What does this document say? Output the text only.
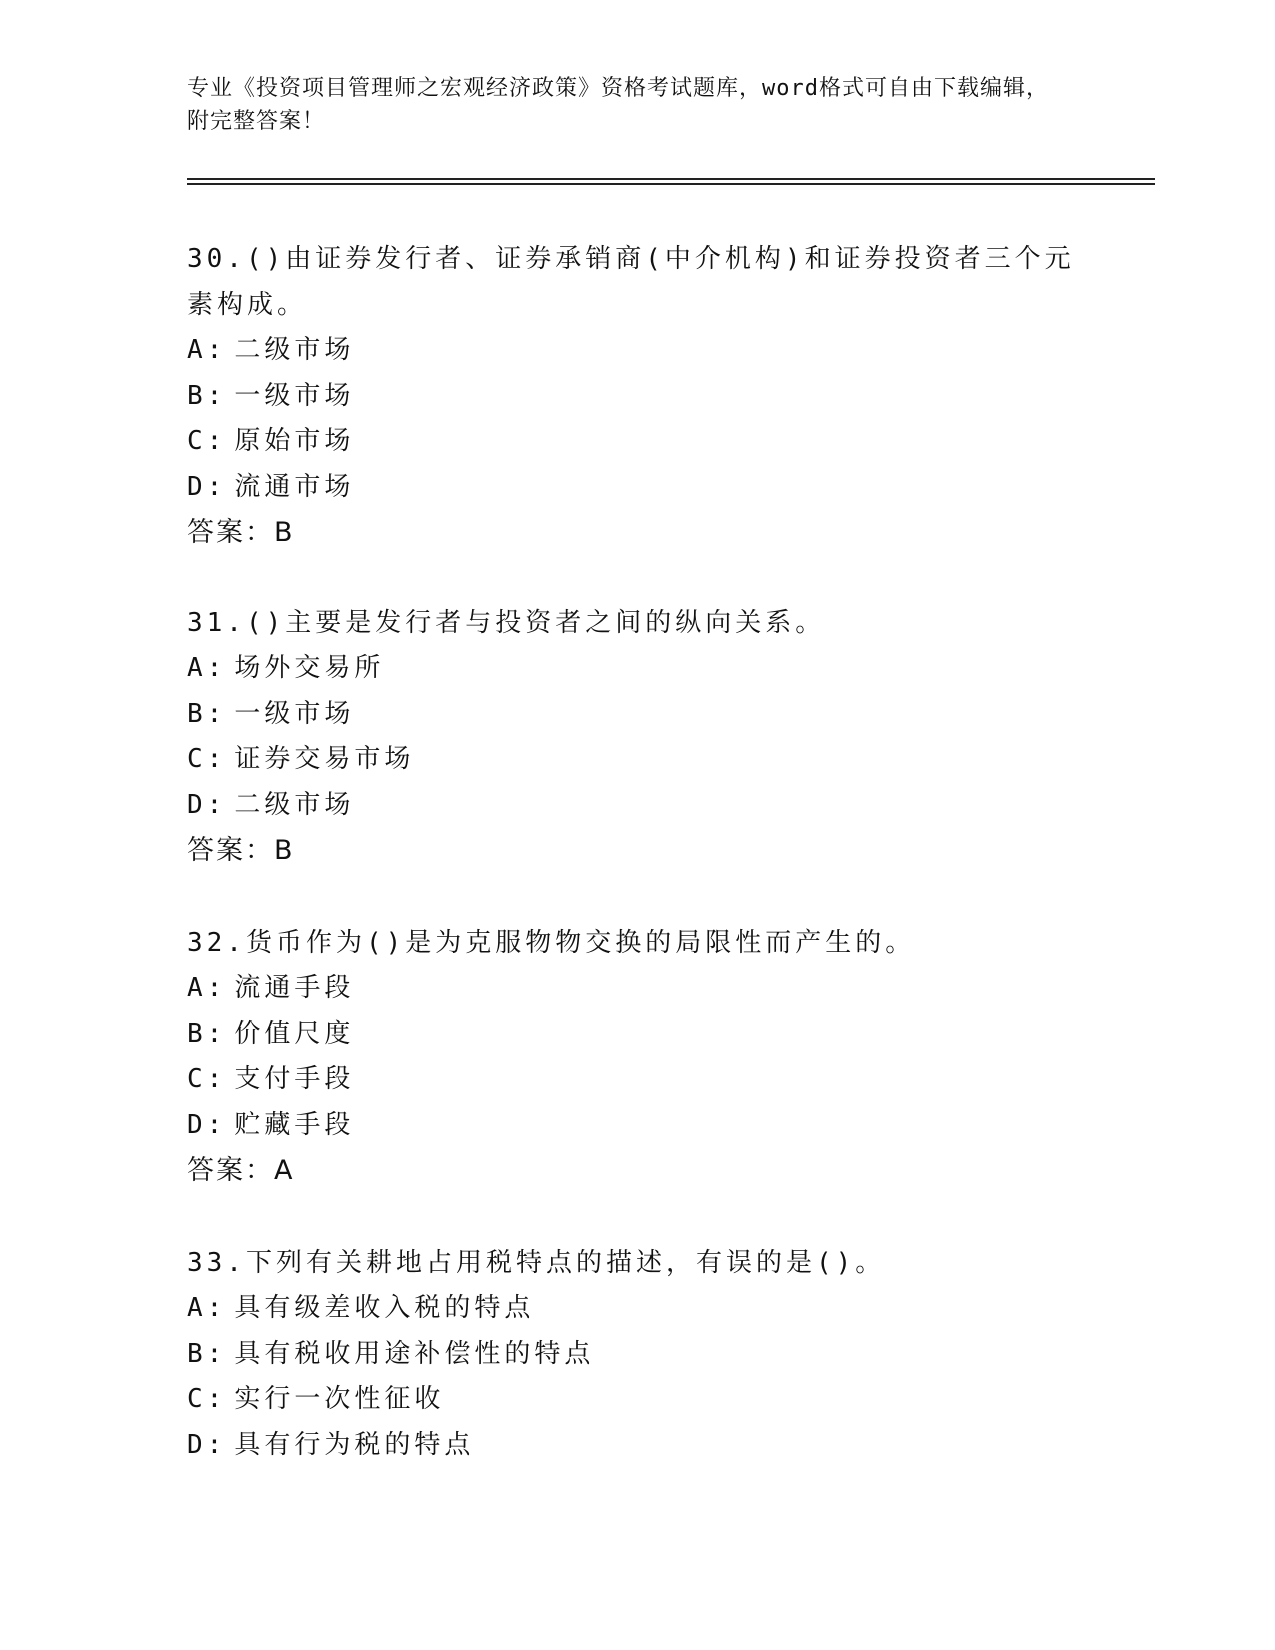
专业《投资项目管理师之宏观经济政策》资格考试题库，word格式可自由下载编辑，附完整答案！

30.()由证券发行者、证券承销商(中介机构)和证券投资者三个元素构成。

A: 二级市场

B: 一级市场

C: 原始市场

D: 流通市场

答案：B

31.()主要是发行者与投资者之间的纵向关系。

A: 场外交易所

B: 一级市场

C: 证券交易市场

D: 二级市场

答案：B

32.货币作为()是为克服物物交换的局限性而产生的。

A: 流通手段

B: 价值尺度

C: 支付手段

D: 贮藏手段

答案：A

33.下列有关耕地占用税特点的描述，有误的是()。

A: 具有级差收入税的特点

B: 具有税收用途补偿性的特点

C: 实行一次性征收

D: 具有行为税的特点
